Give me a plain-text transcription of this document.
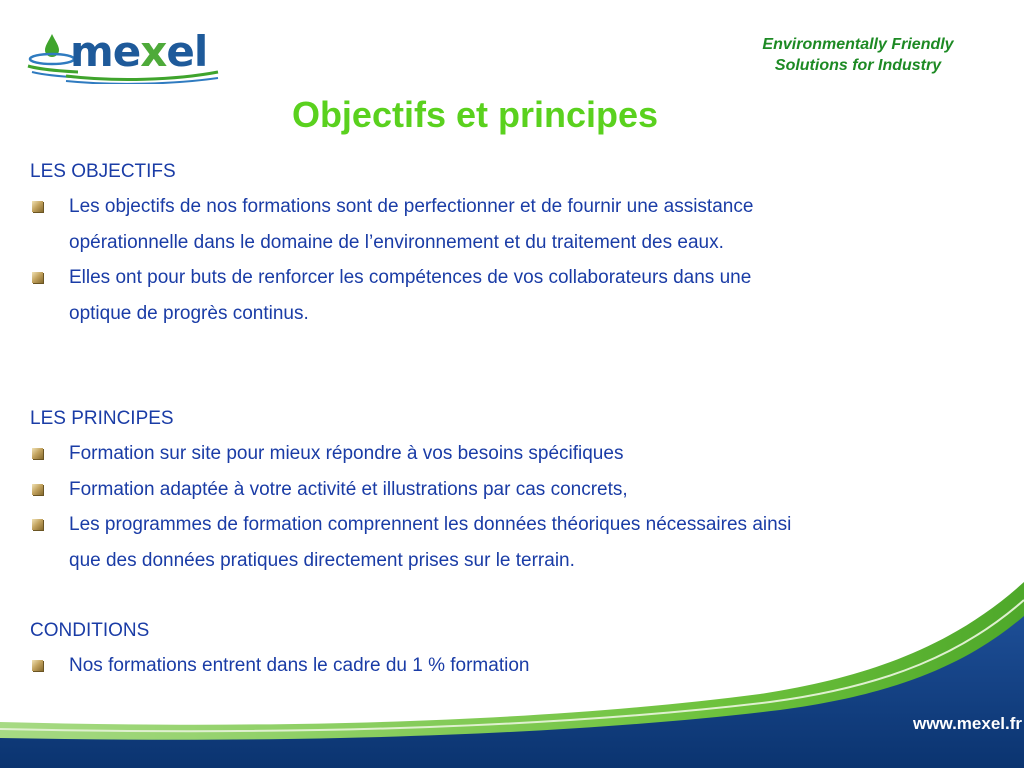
mexel	Environmentally Friendly
Solutions for Industry
Objectifs et principes

LES OBJECTIFS

Les objectifs de nos formations sont de perfectionner et de fournir une assistance
opérationnelle dans le domaine de l’environnement et du traitement des eaux.
Elles ont pour buts de renforcer les compétences de vos collaborateurs dans une
optique de progrès continus.

LES PRINCIPES

Formation sur site pour mieux répondre à vos besoins spécifiques
Formation adaptée à votre activité et illustrations par cas concrets,
Les programmes de formation comprennent les données théoriques nécessaires ainsi
que des données pratiques directement prises sur le terrain.

CONDITIONS

Nos formations entrent dans le cadre du 1 % formation
www.mexel.fr
